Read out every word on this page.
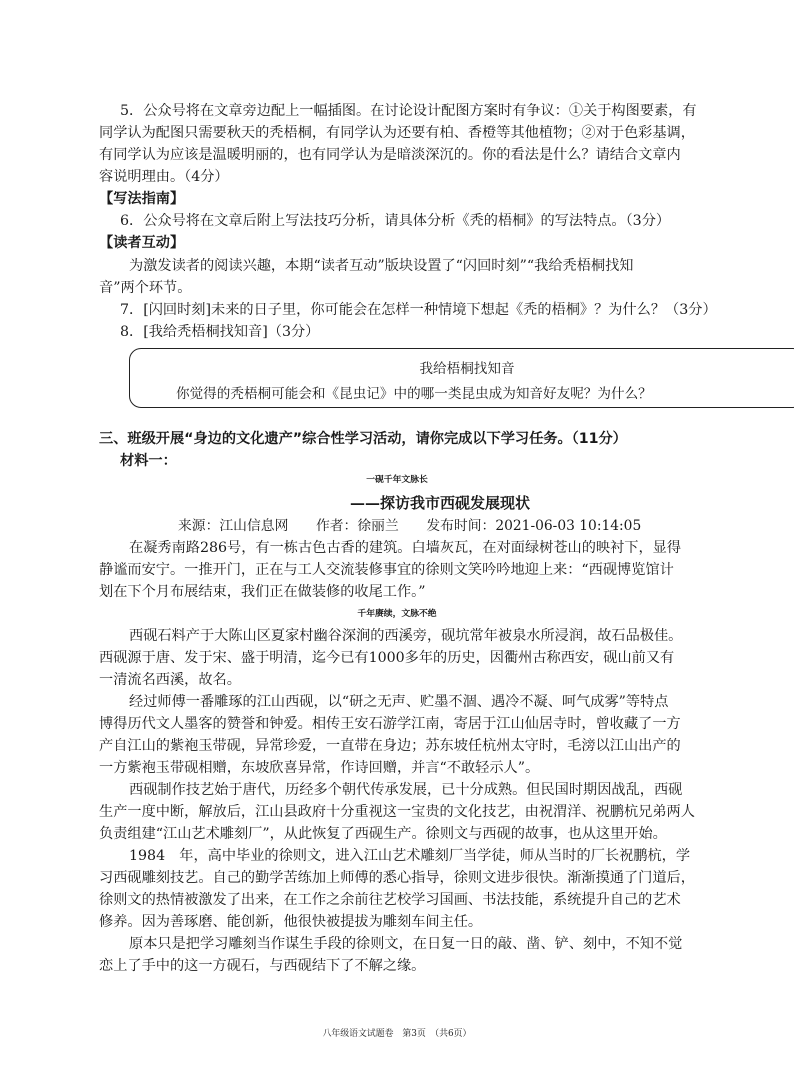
5．公众号将在文章旁边配上一幅插图。在讨论设计配图方案时有争议：①关于构图要素，有
同学认为配图只需要秋天的秃梧桐，有同学认为还要有柏、香橙等其他植物；②对于色彩基调，
有同学认为应该是温暖明丽的，也有同学认为是暗淡深沉的。你的看法是什么？请结合文章内
容说明理由。（4分）
【写法指南】
6．公众号将在文章后附上写法技巧分析，请具体分析《秃的梧桐》的写法特点。（3分）
【读者互动】
为激发读者的阅读兴趣，本期“读者互动”版块设置了“闪回时刻”“我给秃梧桐找知
音”两个环节。
7．[闪回时刻]未来的日子里，你可能会在怎样一种情境下想起《秃的梧桐》？为什么？（3分）
8．[我给秃梧桐找知音]（3分）
我给梧桐找知音
你觉得的秃梧桐可能会和《昆虫记》中的哪一类昆虫成为知音好友呢？为什么？
三、班级开展“身边的文化遗产”综合性学习活动，请你完成以下学习任务。（11分）
材料一：
一砚千年文脉长
——探访我市西砚发展现状
来源：江山信息网　　作者：徐丽兰　　发布时间：2021-06-03 10:14:05
在凝秀南路286号，有一栋古色古香的建筑。白墙灰瓦，在对面绿树苍山的映衬下，显得
静谧而安宁。一推开门，正在与工人交流装修事宜的徐则文笑吟吟地迎上来：“西砚博览馆计
划在下个月布展结束，我们正在做装修的收尾工作。”
千年赓续，文脉不绝
西砚石料产于大陈山区夏家村幽谷深涧的西溪旁，砚坑常年被泉水所浸润，故石品极佳。
西砚源于唐、发于宋、盛于明清，迄今已有1000多年的历史，因衢州古称西安，砚山前又有
一清流名西溪，故名。
经过师傅一番雕琢的江山西砚，以“研之无声、贮墨不涸、遇冷不凝、呵气成雾”等特点
博得历代文人墨客的赞誉和钟爱。相传王安石游学江南，寄居于江山仙居寺时，曾收藏了一方
产自江山的紫袍玉带砚，异常珍爱，一直带在身边；苏东坡任杭州太守时，毛滂以江山出产的
一方紫袍玉带砚相赠，东坡欣喜异常，作诗回赠，并言“不敢轻示人”。
西砚制作技艺始于唐代，历经多个朝代传承发展，已十分成熟。但民国时期因战乱，西砚
生产一度中断，解放后，江山县政府十分重视这一宝贵的文化技艺，由祝渭洋、祝鹏杭兄弟两人
负责组建“江山艺术雕刻厂”，从此恢复了西砚生产。徐则文与西砚的故事，也从这里开始。
1984　年，高中毕业的徐则文，进入江山艺术雕刻厂当学徒，师从当时的厂长祝鹏杭，学
习西砚雕刻技艺。自己的勤学苦练加上师傅的悉心指导，徐则文进步很快。渐渐摸通了门道后，
徐则文的热情被激发了出来，在工作之余前往艺校学习国画、书法技能，系统提升自己的艺术
修养。因为善琢磨、能创新，他很快被提拔为雕刻车间主任。
原本只是把学习雕刻当作谋生手段的徐则文，在日复一日的敲、凿、铲、刻中，不知不觉
恋上了手中的这一方砚石，与西砚结下了不解之缘。
八年级语文试题卷　第3页　（共6页）
